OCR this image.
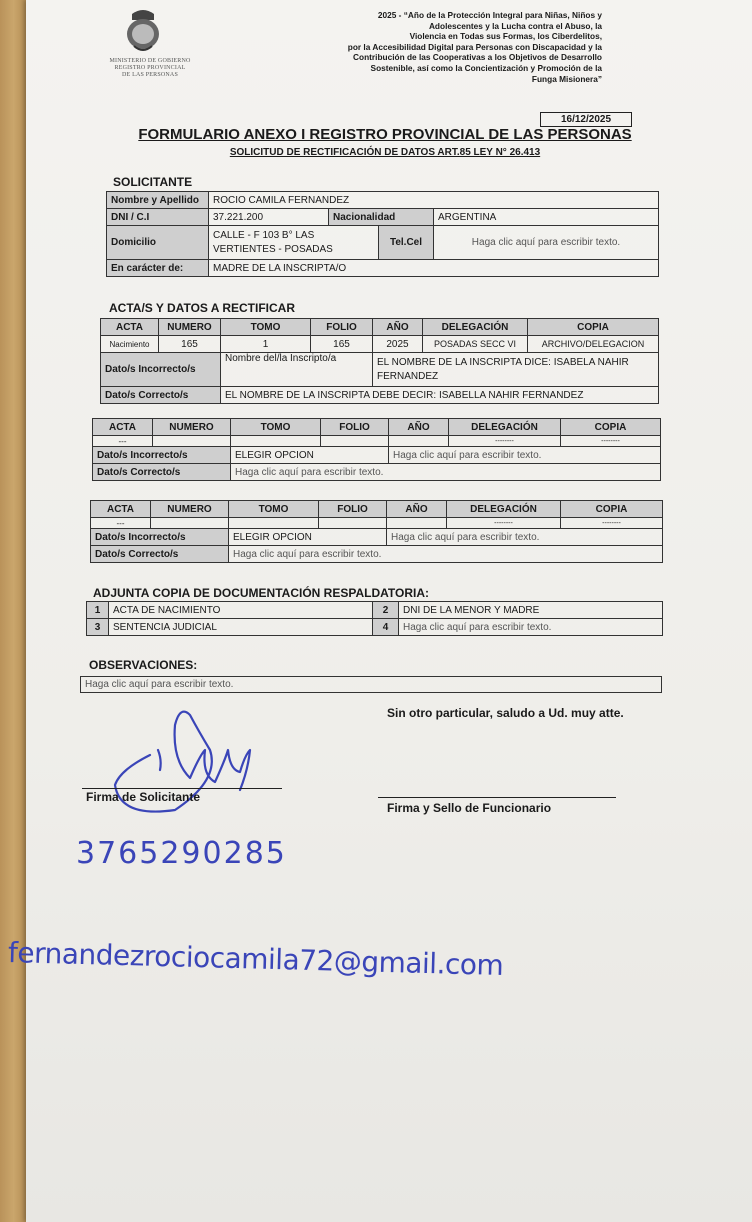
MINISTERIO DE GOBIERNO
REGISTRO PROVINCIAL
DE LAS PERSONAS
2025 - “Año de la Protección Integral para Niñas, Niños y
Adolescentes y la Lucha contra el Abuso, la
Violencia en Todas sus Formas, los Ciberdelitos,
por la Accesibilidad Digital para Personas con Discapacidad y la
Contribución de las Cooperativas a los Objetivos de Desarrollo
Sostenible, así como la Concientización y Promoción de la
Funga Misionera”
16/12/2025
FORMULARIO ANEXO I REGISTRO PROVINCIAL DE LAS PERSONAS
SOLICITUD DE RECTIFICACIÓN DE DATOS ART.85 LEY N° 26.413
SOLICITANTE
Nombre y Apellido	ROCIO CAMILA FERNANDEZ			
DNI / C.I	37.221.200	Nacionalidad		ARGENTINA
Domicilio	CALLE - F 103 B° LAS VERTIENTES - POSADAS		Tel.Cel	Haga clic aquí para escribir texto.
En carácter de:	MADRE DE LA INSCRIPTA/O			
ACTA/S Y DATOS A RECTIFICAR
ACTA	NUMERO	TOMO	FOLIO	AÑO	DELEGACIÓN	COPIA
Nacimiento	165	1	165	2025	POSADAS SECC VI	ARCHIVO/DELEGACION
Dato/s Incorrecto/s		Nombre del/la Inscripto/a		EL NOMBRE DE LA INSCRIPTA DICE: ISABELA NAHIR FERNANDEZ		
Dato/s Correcto/s		EL NOMBRE DE LA INSCRIPTA DEBE DECIR: ISABELLA NAHIR FERNANDEZ				
ACTA	NUMERO	TOMO	FOLIO	AÑO	DELEGACIÓN	COPIA
---					--------	--------
Dato/s Incorrecto/s		ELEGIR OPCION		Haga clic aquí para escribir texto.		
Dato/s Correcto/s		Haga clic aquí para escribir texto.				
ACTA	NUMERO	TOMO	FOLIO	AÑO	DELEGACIÓN	COPIA
---					--------	--------
Dato/s Incorrecto/s		ELEGIR OPCION		Haga clic aquí para escribir texto.		
Dato/s Correcto/s		Haga clic aquí para escribir texto.				
ADJUNTA COPIA DE DOCUMENTACIÓN RESPALDATORIA:
1	ACTA DE NACIMIENTO	2	DNI DE LA MENOR Y MADRE
3	SENTENCIA JUDICIAL	4	Haga clic aquí para escribir texto.
OBSERVACIONES:
Haga clic aquí para escribir texto.
Sin otro particular, saludo a Ud. muy atte.
Firma de Solicitante
Firma y Sello de Funcionario
3765290285
fernandezrociocamila72@gmail.com
